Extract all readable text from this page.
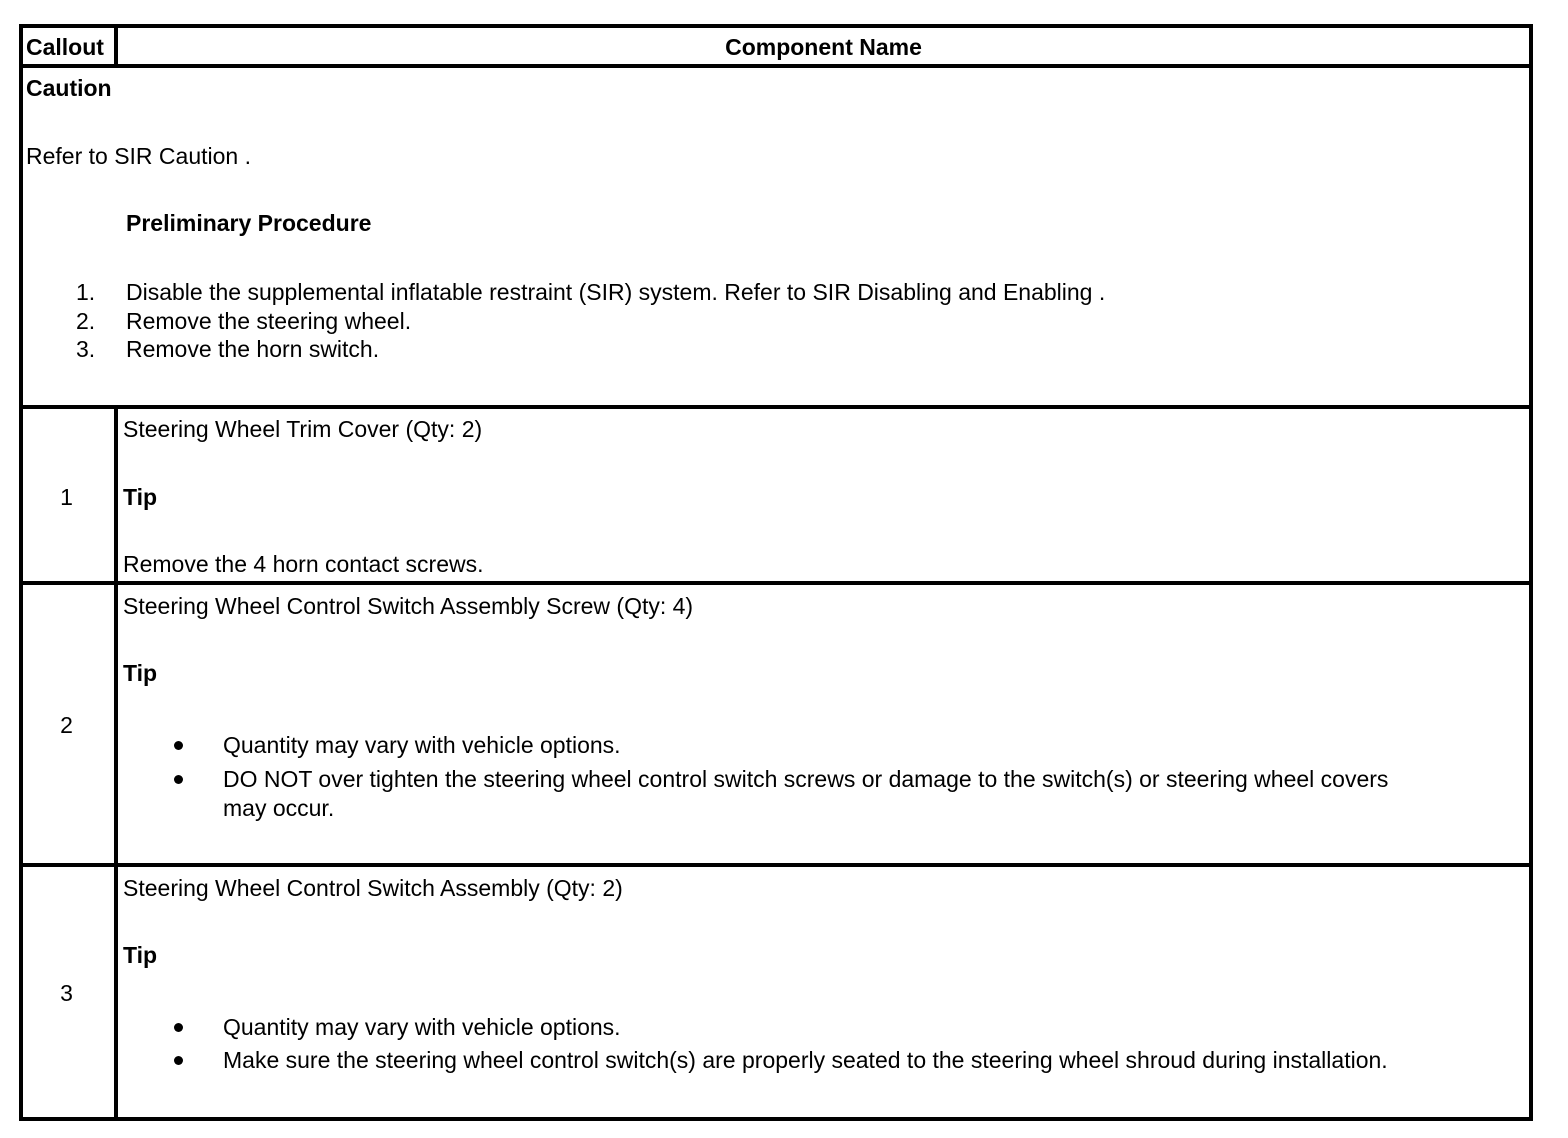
Callout	Component Name
Caution
Refer to SIR Caution .
Preliminary Procedure
1. Disable the supplemental inflatable restraint (SIR) system. Refer to SIR Disabling and Enabling .
2. Remove the steering wheel.
3. Remove the horn switch.
1
Steering Wheel Trim Cover (Qty: 2)
Tip
Remove the 4 horn contact screws.
2
Steering Wheel Control Switch Assembly Screw (Qty: 4)
Tip
Quantity may vary with vehicle options.
DO NOT over tighten the steering wheel control switch screws or damage to the switch(s) or steering wheel covers
may occur.
3
Steering Wheel Control Switch Assembly (Qty: 2)
Tip
Quantity may vary with vehicle options.
Make sure the steering wheel control switch(s) are properly seated to the steering wheel shroud during installation.
